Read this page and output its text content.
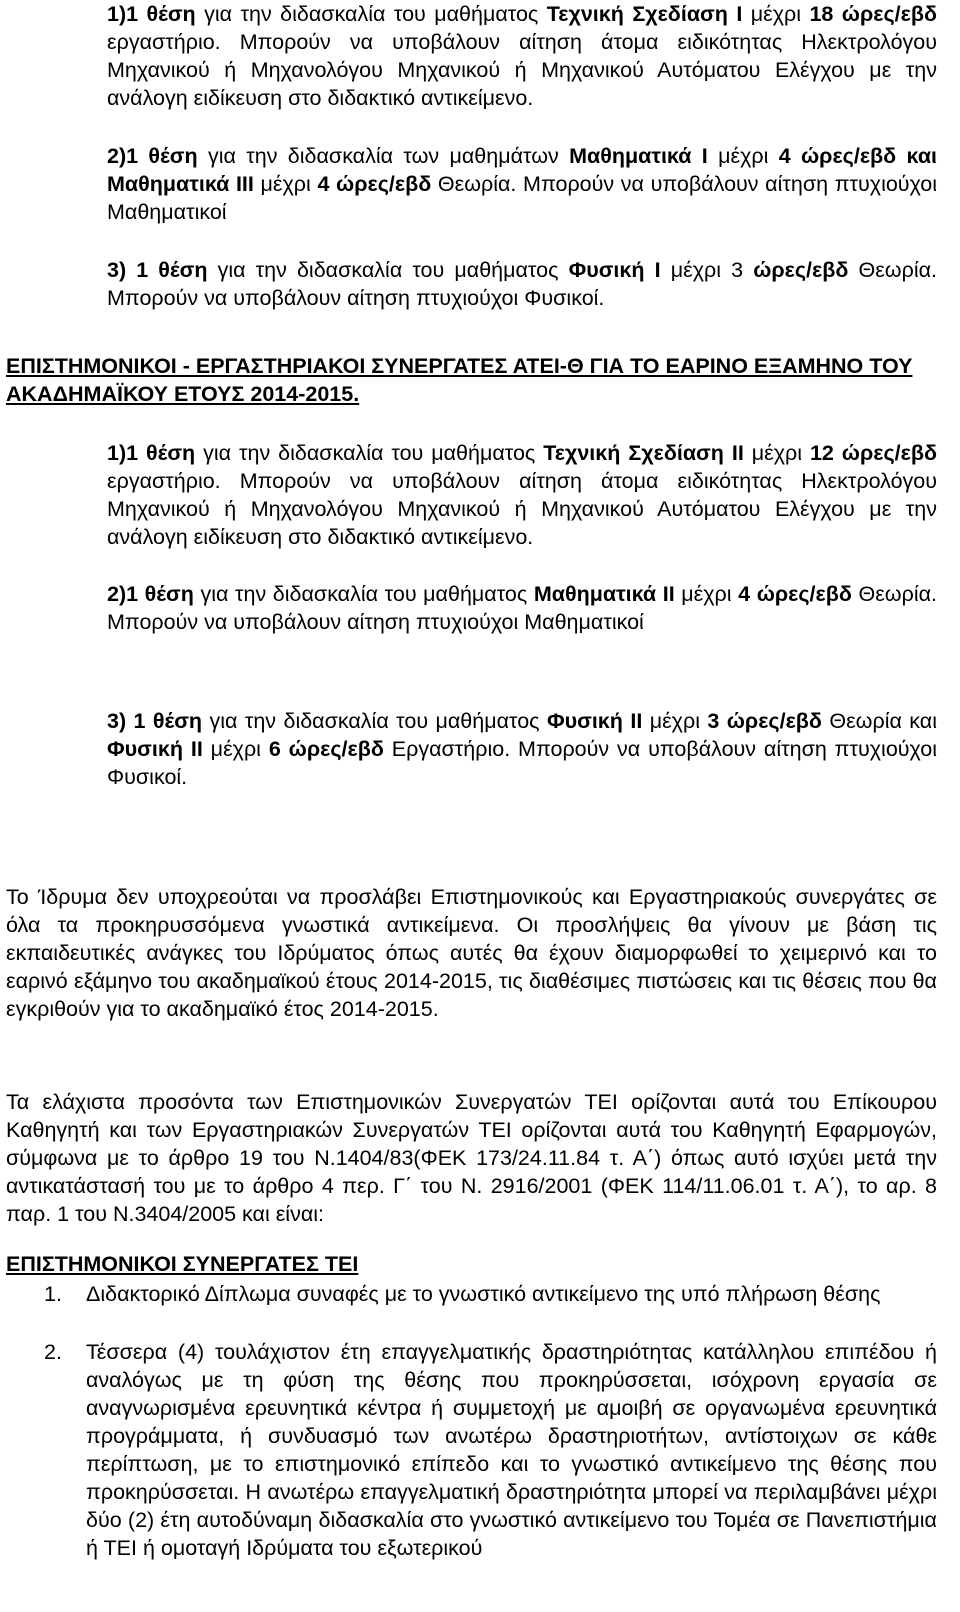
1)1 θέση για την διδασκαλία του μαθήματος Τεχνική Σχεδίαση Ι μέχρι 18 ώρες/εβδ εργαστήριο. Μπορούν να υποβάλουν αίτηση άτομα ειδικότητας Ηλεκτρολόγου Μηχανικού ή Μηχανολόγου Μηχανικού ή Μηχανικού Αυτόματου Ελέγχου με την ανάλογη ειδίκευση στο διδακτικό αντικείμενο.

2)1 θέση για την διδασκαλία των μαθημάτων Μαθηματικά Ι μέχρι 4 ώρες/εβδ και Μαθηματικά ΙΙΙ μέχρι 4 ώρες/εβδ Θεωρία. Μπορούν να υποβάλουν αίτηση πτυχιούχοι Μαθηματικοί

3) 1 θέση για την διδασκαλία του μαθήματος Φυσική Ι μέχρι 3 ώρες/εβδ Θεωρία. Μπορούν να υποβάλουν αίτηση πτυχιούχοι Φυσικοί.

ΕΠΙΣΤΗΜΟΝΙΚΟΙ - ΕΡΓΑΣΤΗΡΙΑΚΟΙ ΣΥΝΕΡΓΑΤΕΣ ΑΤΕΙ-Θ ΓΙΑ ΤΟ ΕΑΡΙΝΟ ΕΞΑΜΗΝΟ ΤΟΥ ΑΚΑΔΗΜΑΪΚΟΥ ΕΤΟΥΣ 2014-2015.

1)1 θέση για την διδασκαλία του μαθήματος Τεχνική Σχεδίαση ΙΙ μέχρι 12 ώρες/εβδ εργαστήριο. Μπορούν να υποβάλουν αίτηση άτομα ειδικότητας Ηλεκτρολόγου Μηχανικού ή Μηχανολόγου Μηχανικού ή Μηχανικού Αυτόματου Ελέγχου με την ανάλογη ειδίκευση στο διδακτικό αντικείμενο.

2)1 θέση για την διδασκαλία του μαθήματος Μαθηματικά ΙΙ μέχρι 4 ώρες/εβδ Θεωρία. Μπορούν να υποβάλουν αίτηση πτυχιούχοι Μαθηματικοί

3) 1 θέση για την διδασκαλία του μαθήματος Φυσική ΙΙ μέχρι 3 ώρες/εβδ Θεωρία και Φυσική ΙΙ μέχρι 6 ώρες/εβδ Εργαστήριο. Μπορούν να υποβάλουν αίτηση πτυχιούχοι Φυσικοί.

Το Ίδρυμα δεν υποχρεούται να προσλάβει Επιστημονικούς και Εργαστηριακούς συνεργάτες σε όλα τα προκηρυσσόμενα γνωστικά αντικείμενα. Οι προσλήψεις θα γίνουν με βάση τις εκπαιδευτικές ανάγκες του Ιδρύματος όπως αυτές θα έχουν διαμορφωθεί το χειμερινό και το εαρινό εξάμηνο του ακαδημαϊκού έτους 2014-2015, τις διαθέσιμες πιστώσεις και τις θέσεις που θα εγκριθούν για το ακαδημαϊκό έτος 2014-2015.

Τα ελάχιστα προσόντα των Επιστημονικών Συνεργατών ΤΕΙ ορίζονται αυτά του Επίκουρου Καθηγητή και των Εργαστηριακών Συνεργατών ΤΕΙ ορίζονται αυτά του Καθηγητή Εφαρμογών, σύμφωνα με το άρθρο 19 του Ν.1404/83(ΦΕΚ 173/24.11.84 τ. Α΄) όπως αυτό ισχύει μετά την αντικατάστασή του με το άρθρο 4 περ. Γ΄ του Ν. 2916/2001 (ΦΕΚ 114/11.06.01 τ. Α΄), το αρ. 8 παρ. 1 του Ν.3404/2005 και είναι:

ΕΠΙΣΤΗΜΟΝΙΚΟΙ ΣΥΝΕΡΓΑΤΕΣ ΤΕΙ

1. Διδακτορικό Δίπλωμα συναφές με το γνωστικό αντικείμενο της υπό πλήρωση θέσης

2. Τέσσερα (4) τουλάχιστον έτη επαγγελματικής δραστηριότητας κατάλληλου επιπέδου ή αναλόγως με τη φύση της θέσης που προκηρύσσεται, ισόχρονη εργασία σε αναγνωρισμένα ερευνητικά κέντρα ή συμμετοχή με αμοιβή σε οργανωμένα ερευνητικά προγράμματα, ή συνδυασμό των ανωτέρω δραστηριοτήτων, αντίστοιχων σε κάθε περίπτωση, με το επιστημονικό επίπεδο και το γνωστικό αντικείμενο της θέσης που προκηρύσσεται. Η ανωτέρω επαγγελματική δραστηριότητα μπορεί να περιλαμβάνει μέχρι δύο (2) έτη αυτοδύναμη διδασκαλία στο γνωστικό αντικείμενο του Τομέα σε Πανεπιστήμια ή ΤΕΙ ή ομοταγή Ιδρύματα του εξωτερικού
